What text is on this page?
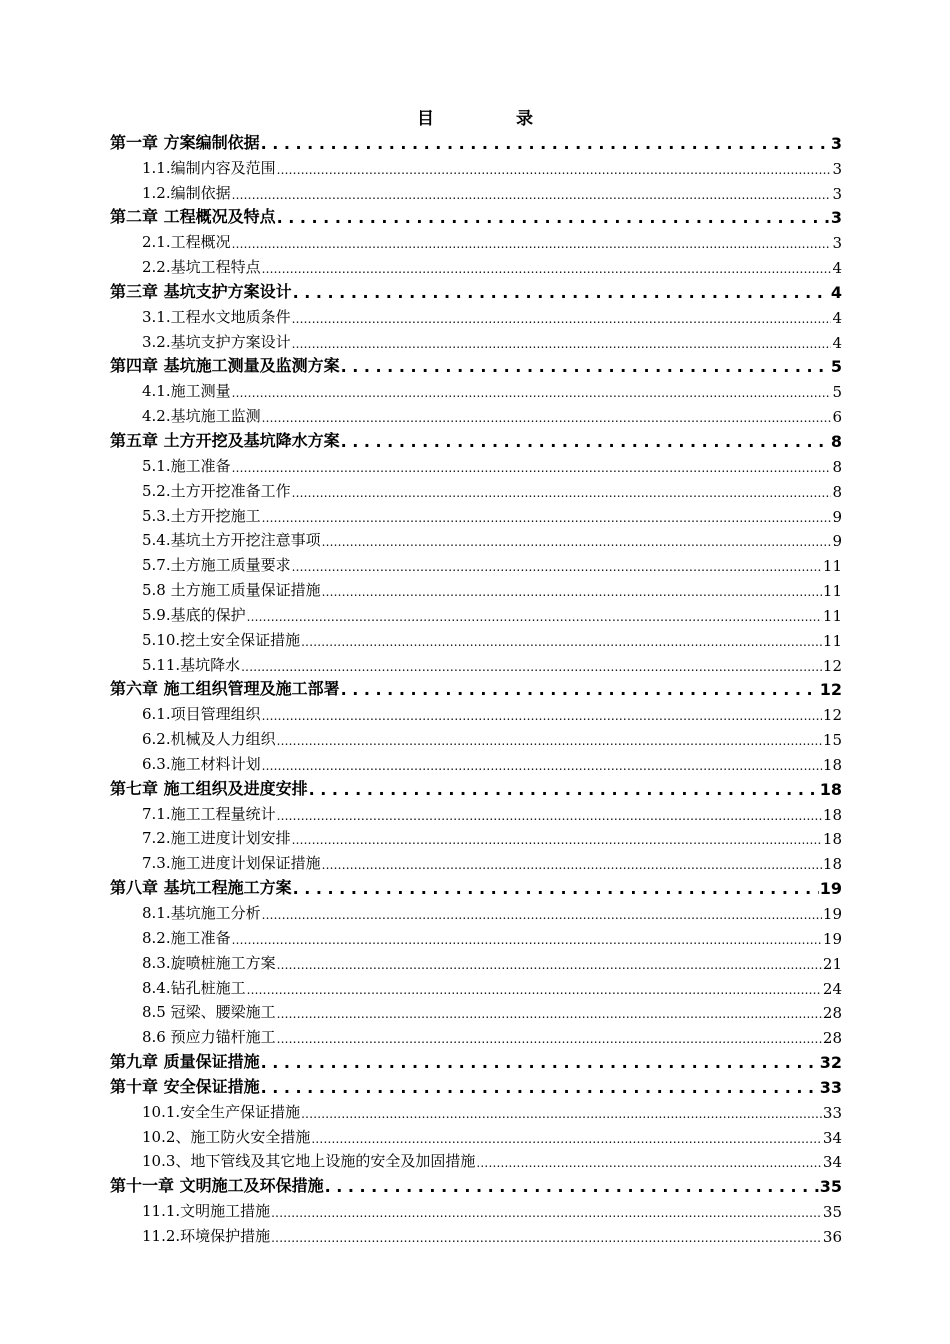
目 录
第一章 方案编制依据 . . .	3
1.1.编制内容及范围 .....	3
1.2.编制依据 .....	3
第二章 工程概况及特点 . . .	3
2.1.工程概况 .....	3
2.2.基坑工程特点 .....	4
第三章 基坑支护方案设计 . . .	4
3.1.工程水文地质条件 .....	4
3.2.基坑支护方案设计 .....	4
第四章 基坑施工测量及监测方案 . . .	5
4.1.施工测量 .....	5
4.2.基坑施工监测 .....	6
第五章 土方开挖及基坑降水方案 . . .	8
5.1.施工准备 .....	8
5.2.土方开挖准备工作 .....	8
5.3.土方开挖施工 .....	9
5.4.基坑土方开挖注意事项 .....	9
5.7.土方施工质量要求 .....	11
5.8 土方施工质量保证措施 .....	11
5.9.基底的保护 .....	11
5.10.挖土安全保证措施 .....	11
5.11.基坑降水 .....	12
第六章 施工组织管理及施工部署 . . .	12
6.1.项目管理组织 .....	12
6.2.机械及人力组织 .....	15
6.3.施工材料计划 .....	18
第七章 施工组织及进度安排 . . .	18
7.1.施工工程量统计 .....	18
7.2.施工进度计划安排 .....	18
7.3.施工进度计划保证措施 .....	18
第八章 基坑工程施工方案 . . .	19
8.1.基坑施工分析 .....	19
8.2.施工准备 .....	19
8.3.旋喷桩施工方案 .....	21
8.4.钻孔桩施工 .....	24
8.5 冠梁、腰梁施工 .....	28
8.6 预应力锚杆施工 .....	28
第九章 质量保证措施 . . .	32
第十章 安全保证措施 . . .	33
10.1.安全生产保证措施 .....	33
10.2、施工防火安全措施 .....	34
10.3、地下管线及其它地上设施的安全及加固措施 .....	34
第十一章 文明施工及环保措施 . . .	35
11.1.文明施工措施 .....	35
11.2.环境保护措施 .....	36
